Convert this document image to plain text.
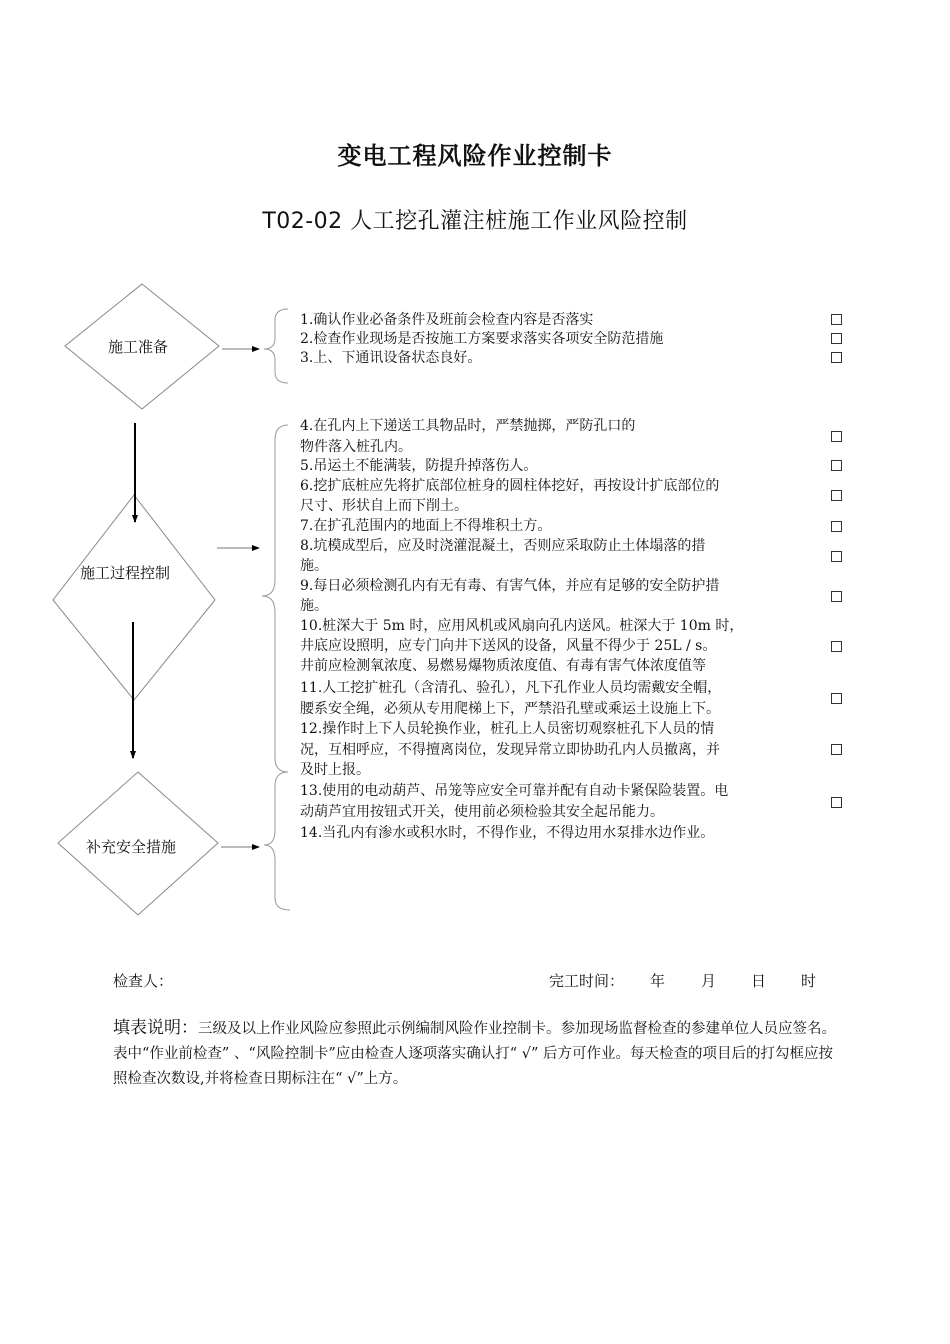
变电工程风险作业控制卡
T02-02 人工挖孔灌注桩施工作业风险控制
施工准备
施工过程控制
补充安全措施
1.确认作业必备条件及班前会检查内容是否落实
2.检查作业现场是否按施工方案要求落实各项安全防范措施
3.上、下通讯设备状态良好。
4.在孔内上下递送工具物品时，严禁抛掷，严防孔口的
物件落入桩孔内。
5.吊运土不能满装，防提升掉落伤人。
6.挖扩底桩应先将扩底部位桩身的圆柱体挖好，再按设计扩底部位的
尺寸、形状自上而下削土。
7.在扩孔范围内的地面上不得堆积土方。
8.坑模成型后，应及时浇灌混凝土，否则应采取防止土体塌落的措
施。
9.每日必须检测孔内有无有毒、有害气体，并应有足够的安全防护措
施。
10.桩深大于 5m 时，应用风机或风扇向孔内送风。桩深大于 10m 时，
井底应设照明，应专门向井下送风的设备，风量不得少于 25L / s。
井前应检测氧浓度、易燃易爆物质浓度值、有毒有害气体浓度值等
11.人工挖扩桩孔（含清孔、验孔），凡下孔作业人员均需戴安全帽，
腰系安全绳，必须从专用爬梯上下，严禁沿孔壁或乘运土设施上下。
12.操作时上下人员轮换作业，桩孔上人员密切观察桩孔下人员的情
况，互相呼应，不得擅离岗位，发现异常立即协助孔内人员撤离，并
及时上报。
13.使用的电动葫芦、吊笼等应安全可靠并配有自动卡紧保险装置。电
动葫芦宜用按钮式开关，使用前必须检验其安全起吊能力。
14.当孔内有渗水或积水时，不得作业，不得边用水泵排水边作业。
检查人：	完工时间： 年 月 日 时
填表说明：三级及以上作业风险应参照此示例编制风险作业控制卡。参加现场监督检查的参建单位人员应签名。 表中“作业前检查” 、“风险控制卡”应由检查人逐项落实确认打“ √” 后方可作业。每天检查的项目后的打勾框应按照检查次数设,并将检查日期标注在“ √”上方。
